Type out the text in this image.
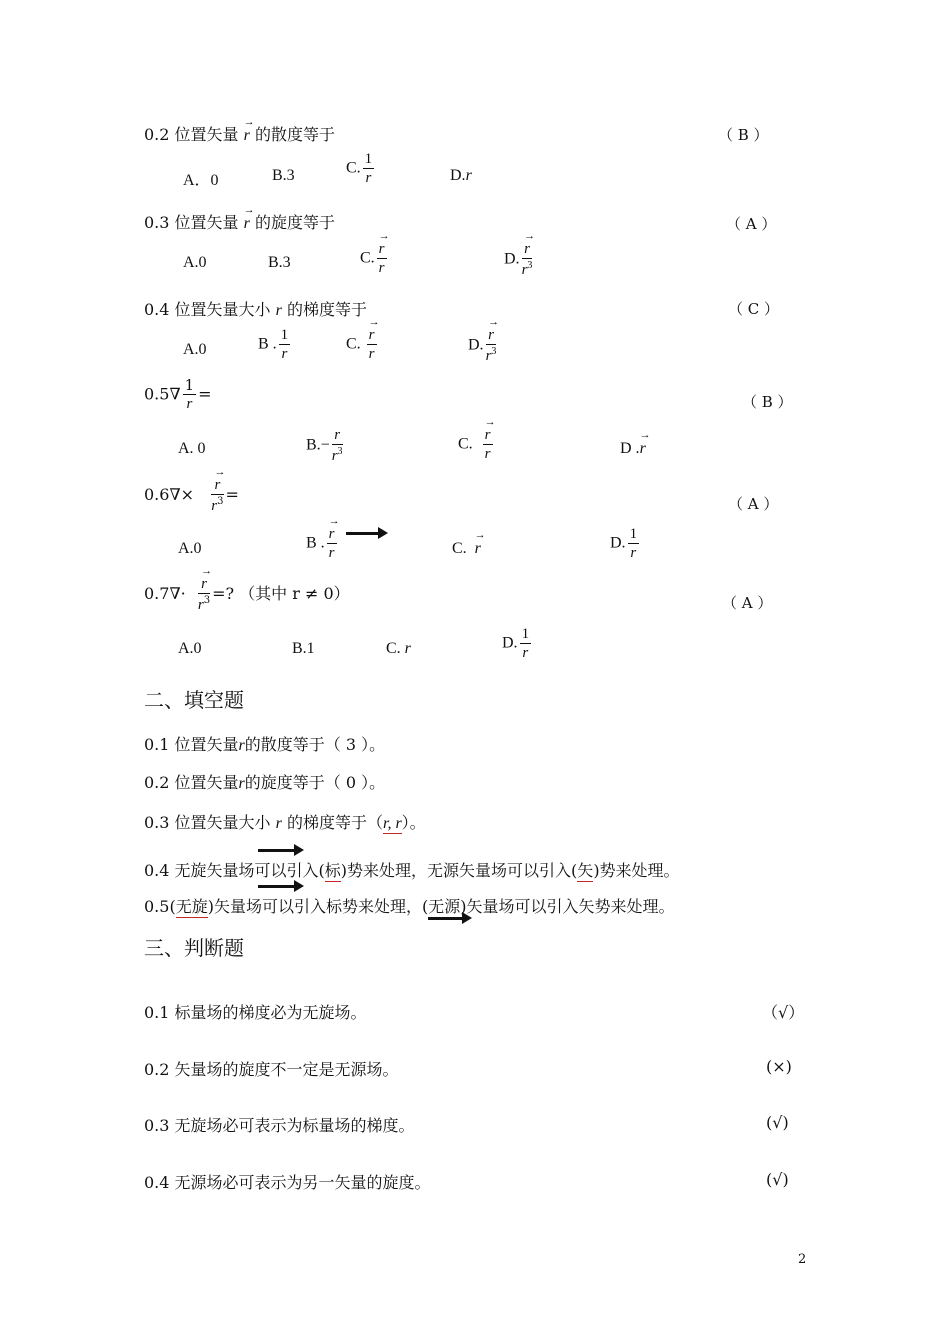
0.2 位置矢量 → r 的散度等于	（ B ）
A．0	B.3	C. $\frac{1}{r}$	D.r
0.3 位置矢量 → r 的旋度等于	（ A ）
A.0	B.3	C.
→ $\frac{r}{r}$	D.
→ $\frac{r}{r^3}$
0.4 位置矢量大小 r 的梯度等于	（ C ）
A.0	B . $\frac{1}{r}$	C.
→ $\frac{r}{r}$	D.
→ $\frac{r}{r^3}$
$0.5\nabla \frac{1}{r}$ =	（ B ）
A. 0	$B.- \frac{r}{r^3}$	C.
→ $\frac{r}{r}$	D .→ r
0.6∇×
→ $\frac{r}{r^3}$ =	（ A ）
A.0	B .
→ $\frac{r}{r}$	C.  → r	D. $\frac{1}{r}$
0.7∇·
→ $\frac{r}{r^3}$ =? （其中 r ≠ 0）	（ A ）
A.0	B.1	C. r	D. $\frac{1}{r}$
二、填空题
0.1 位置矢量r的散度等于（ 3 ）。
0.2 位置矢量r的旋度等于（ 0 ）。
0.3 位置矢量大小 r 的梯度等于（r, r）。
0.4 无旋矢量场可以引入(标)势来处理，无源矢量场可以引入(矢)势来处理。
0.5(无旋)矢量场可以引入标势来处理，(无源)矢量场可以引入矢势来处理。
三、判断题
0.1 标量场的梯度必为无旋场。	（√）
0.2 矢量场的旋度不一定是无源场。	(×)
0.3 无旋场必可表示为标量场的梯度。	(√)
0.4 无源场必可表示为另一矢量的旋度。	(√)
2
